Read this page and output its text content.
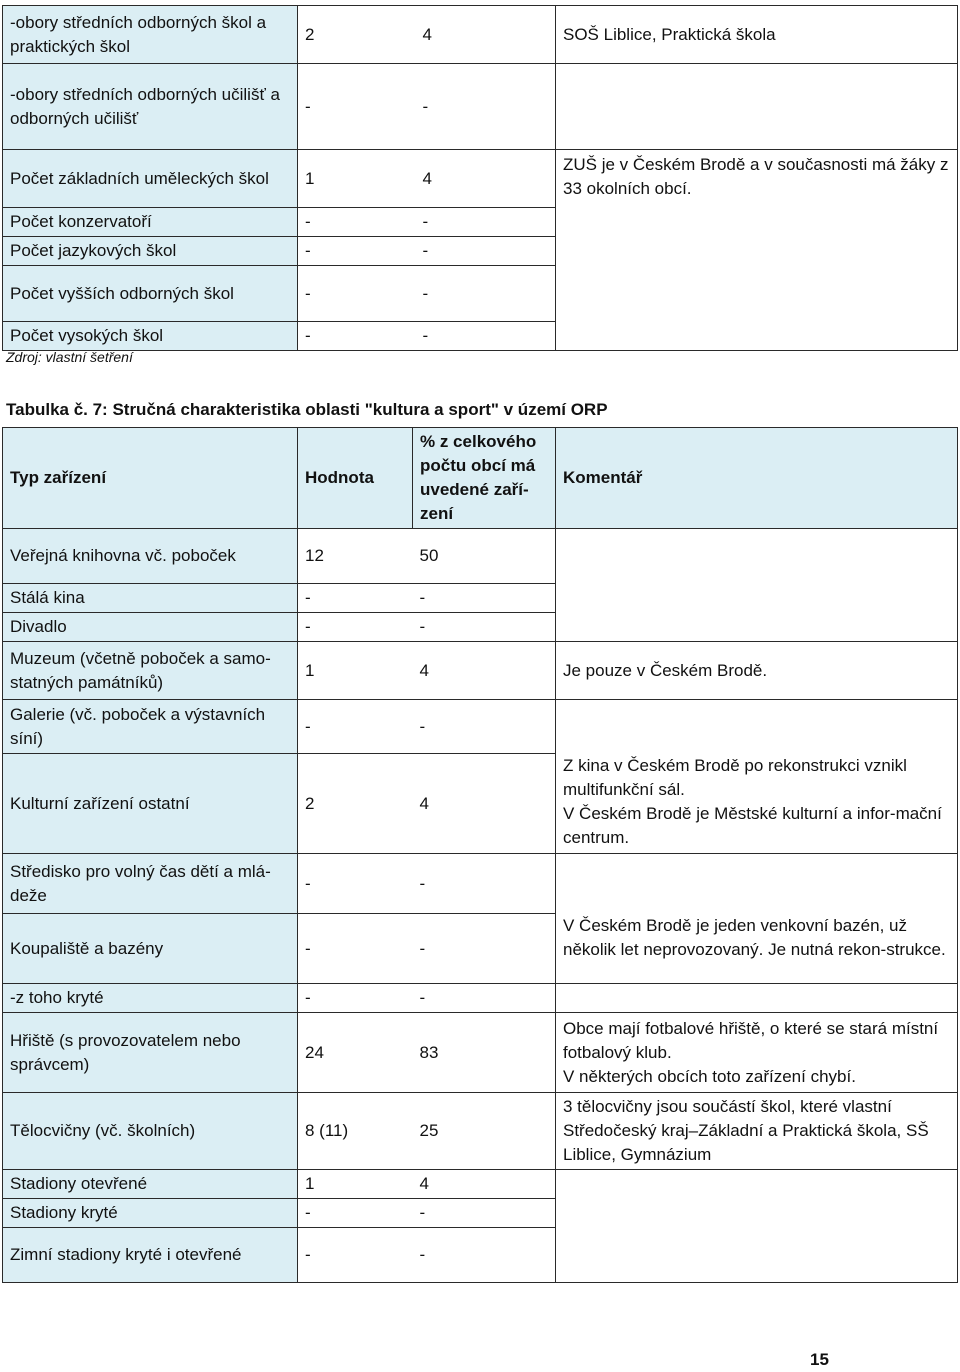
-obory středních odborných škol a praktických škol	2	4	SOŠ Liblice, Praktická škola
-obory středních odborných učilišť a odborných učilišť	-	-	
Počet základních uměleckých škol	1	4	ZUŠ je v Českém Brodě a v současnosti má žáky z 33 okolních obcí.
Počet konzervatoří	-	-	
Počet jazykových škol	-	-	
Počet vyšších odborných škol	-	-	
Počet vysokých škol	-	-	
Zdroj: vlastní šetření
Tabulka č. 7: Stručná charakteristika oblasti "kultura a sport" v území ORP
Typ zařízení	Hodnota	% z celkového počtu obcí má uvedené zaří-zení	Komentář
Veřejná knihovna vč. poboček	12	50	
Stálá kina	-	-	
Divadlo	-	-	
Muzeum (včetně poboček a samo-statných památníků)	1	4	Je pouze v Českém Brodě.
Galerie (vč. poboček a výstavních síní)	-	-	
Kulturní zařízení ostatní	2	4	Z kina v Českém Brodě po rekonstrukci vznikl multifunkční sál.
V Českém Brodě je Městské kulturní a infor-mační centrum.
Středisko pro volný čas dětí a mlá-deže	-	-	
Koupaliště a bazény	-	-	V Českém Brodě je jeden venkovní bazén, už několik let neprovozovaný. Je nutná rekon-strukce.
-z toho kryté	-	-	
Hřiště (s provozovatelem nebo správcem)	24	83	Obce mají fotbalové hřiště, o které se stará místní fotbalový klub.
V některých obcích toto zařízení chybí.
Tělocvičny (vč. školních)	8 (11)	25	3 tělocvičny jsou součástí škol, které vlastní Středočeský kraj–Základní a Praktická škola, SŠ Liblice, Gymnázium
Stadiony otevřené	1	4	
Stadiony kryté	-	-	
Zimní stadiony kryté i otevřené	-	-	
15
